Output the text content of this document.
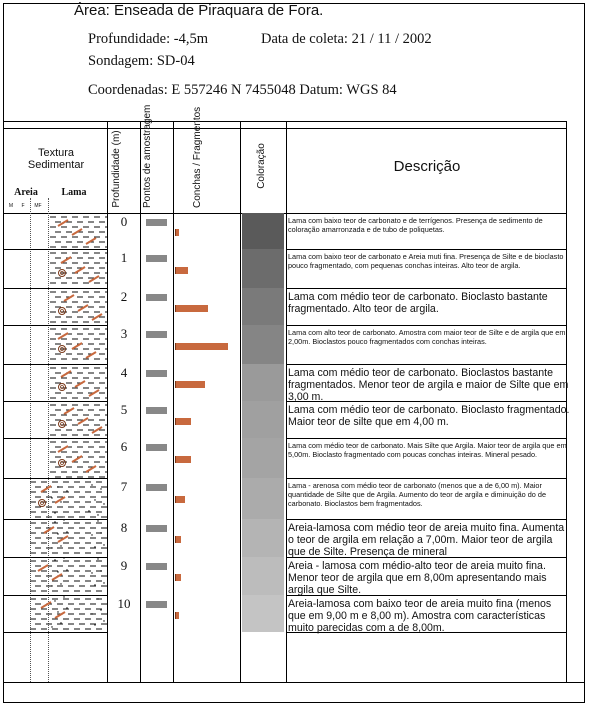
Área: Enseada de Piraquara de Fora.
Profundidade: -4,5m	Data de coleta: 21 / 11 / 2002
Sondagem: SD-04
Coordenadas: E 557246 N 7455048 Datum: WGS 84
Textura
Sedimentar
Areia	Lama
M	F	MF	Profundidade (m) Pontos de amostragem	Conchas / Fragmentos	Coloração	Descrição
0	Lama com baixo teor de carbonato e de terrígenos. Presença de sedimento de coloração amarronzada e de tubo de poliquetas.
1	Lama com baixo teor de carbonato e Areia muti fina. Presença de Silte e de bioclasto pouco fragmentado, com pequenas conchas inteiras. Alto teor de argila.
2	Lama com médio teor de carbonato. Bioclasto bastante fragmentado. Alto teor de argila.
3	Lama com alto teor de carbonato. Amostra com maior teor de Silte e de argila que em 2,00m. Bioclastos pouco fragmentados com conchas inteiras.
4	Lama com médio teor de carbonato. Bioclastos bastante fragmentados. Menor teor de argila e maior de Silte que em 3,00 m.
5	Lama com médio teor de carbonato. Bioclasto fragmentado. Maior teor de silte que em 4,00 m.
6	Lama com médio teor de carbonato. Mais Silte que Argila. Maior teor de argila que em 5,00m. Bioclasto fragmentado com poucas conchas inteiras. Mineral pesado.
7	Lama - arenosa com médio teor de carbonato (menos que a de 6,00 m). Maior quantidade de Silte que de Argila. Aumento do teor de argila e diminuição do de carbonato. Bioclastos bem fragmentados.
8	Areia-lamosa com médio teor de areia muito fina. Aumenta o teor de argila em relação a 7,00m. Maior teor de argila que de Silte. Presença de mineral
9	Areia - lamosa com médio-alto teor de areia muito fina. Menor teor de argila que em 8,00m apresentando mais argila que Silte.
10	Areia-lamosa com baixo teor de areia muito fina (menos que em 9,00 m e 8,00 m). Amostra com características muito parecidas com a de 8,00m.
